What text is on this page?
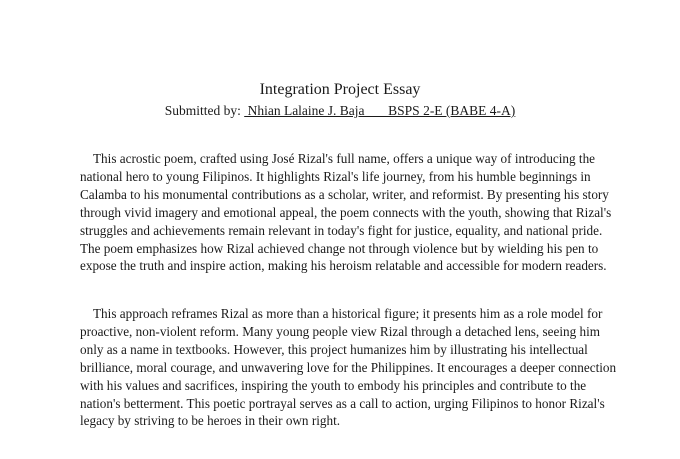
Integration Project Essay
Submitted by:  Nhian Lalaine J. Baja       BSPS 2-E (BABE 4-A)

This acrostic poem, crafted using José Rizal's full name, offers a unique way of introducing the national hero to young Filipinos. It highlights Rizal's life journey, from his humble beginnings in Calamba to his monumental contributions as a scholar, writer, and reformist. By presenting his story through vivid imagery and emotional appeal, the poem connects with the youth, showing that Rizal's struggles and achievements remain relevant in today's fight for justice, equality, and national pride. The poem emphasizes how Rizal achieved change not through violence but by wielding his pen to expose the truth and inspire action, making his heroism relatable and accessible for modern readers.

This approach reframes Rizal as more than a historical figure; it presents him as a role model for proactive, non-violent reform. Many young people view Rizal through a detached lens, seeing him only as a name in textbooks. However, this project humanizes him by illustrating his intellectual brilliance, moral courage, and unwavering love for the Philippines. It encourages a deeper connection with his values and sacrifices, inspiring the youth to embody his principles and contribute to the nation's betterment. This poetic portrayal serves as a call to action, urging Filipinos to honor Rizal's legacy by striving to be heroes in their own right.
